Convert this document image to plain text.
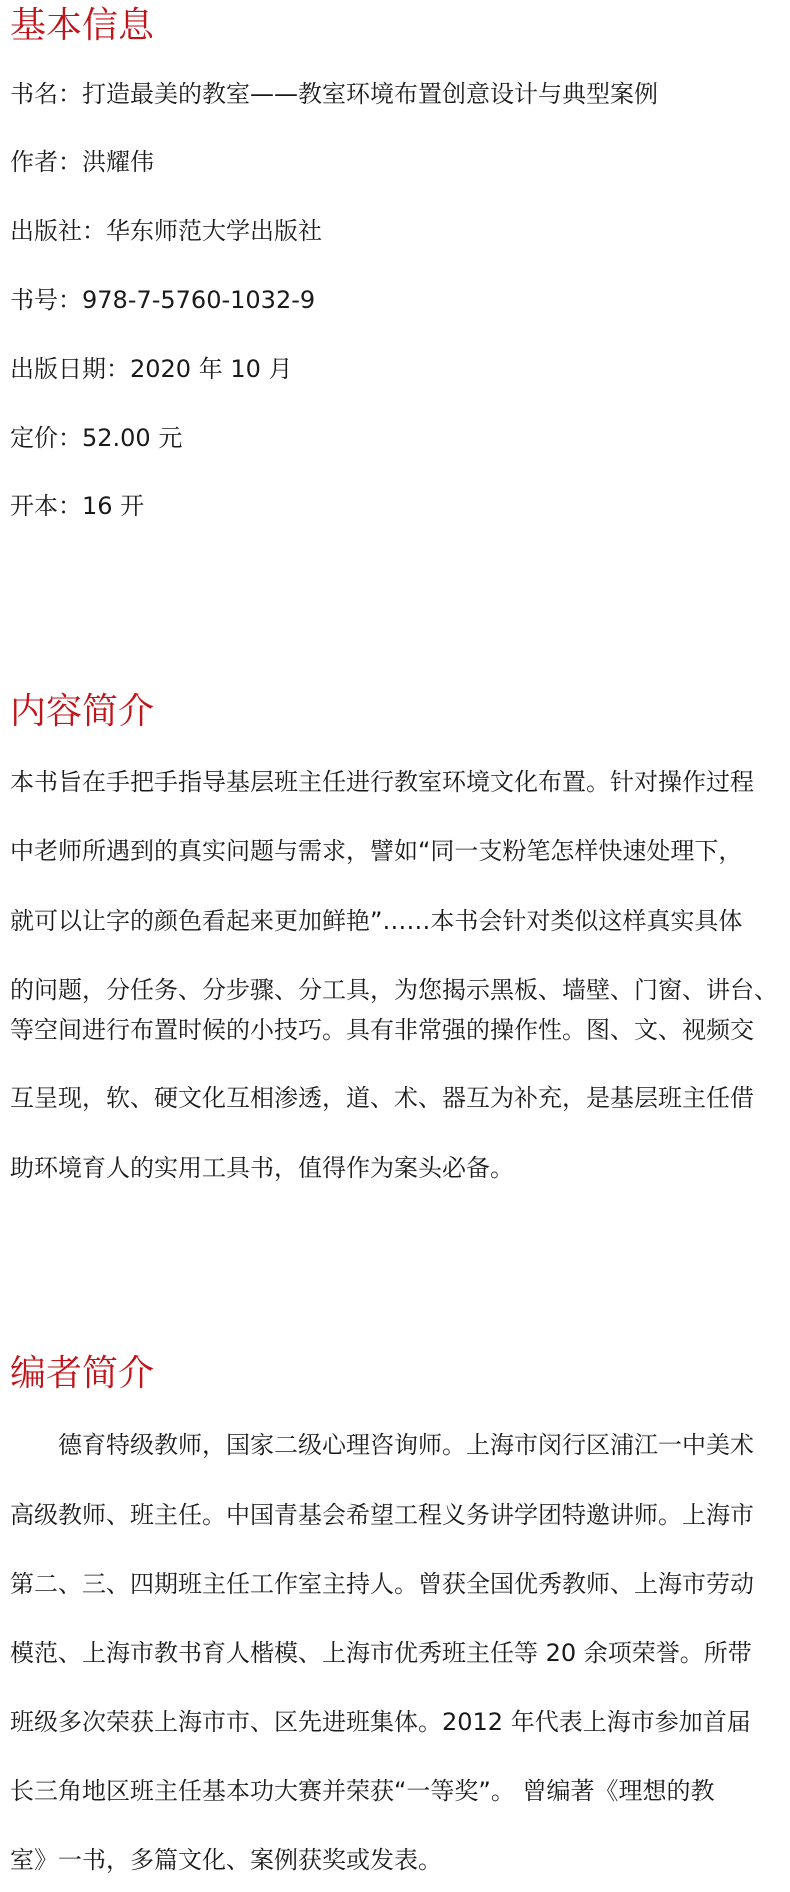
基本信息
书名：打造最美的教室——教室环境布置创意设计与典型案例
作者：洪耀伟
出版社：华东师范大学出版社
书号：978-7-5760-1032-9
出版日期：2020 年 10 月
定价：52.00 元
开本：16 开
内容简介
本书旨在手把手指导基层班主任进行教室环境文化布置。针对操作过程
中老师所遇到的真实问题与需求，譬如“同一支粉笔怎样快速处理下，
就可以让字的颜色看起来更加鲜艳”……本书会针对类似这样真实具体
的问题，分任务、分步骤、分工具，为您揭示黑板、墙壁、门窗、讲台、
等空间进行布置时候的小技巧。具有非常强的操作性。图、文、视频交
互呈现，软、硬文化互相渗透，道、术、器互为补充，是基层班主任借
助环境育人的实用工具书，值得作为案头必备。
编者简介
德育特级教师，国家二级心理咨询师。上海市闵行区浦江一中美术
高级教师、班主任。中国青基会希望工程义务讲学团特邀讲师。上海市
第二、三、四期班主任工作室主持人。曾获全国优秀教师、上海市劳动
模范、上海市教书育人楷模、上海市优秀班主任等 20 余项荣誉。所带
班级多次荣获上海市市、区先进班集体。2012 年代表上海市参加首届
长三角地区班主任基本功大赛并荣获“一等奖”。 曾编著《理想的教
室》一书，多篇文化、案例获奖或发表。
